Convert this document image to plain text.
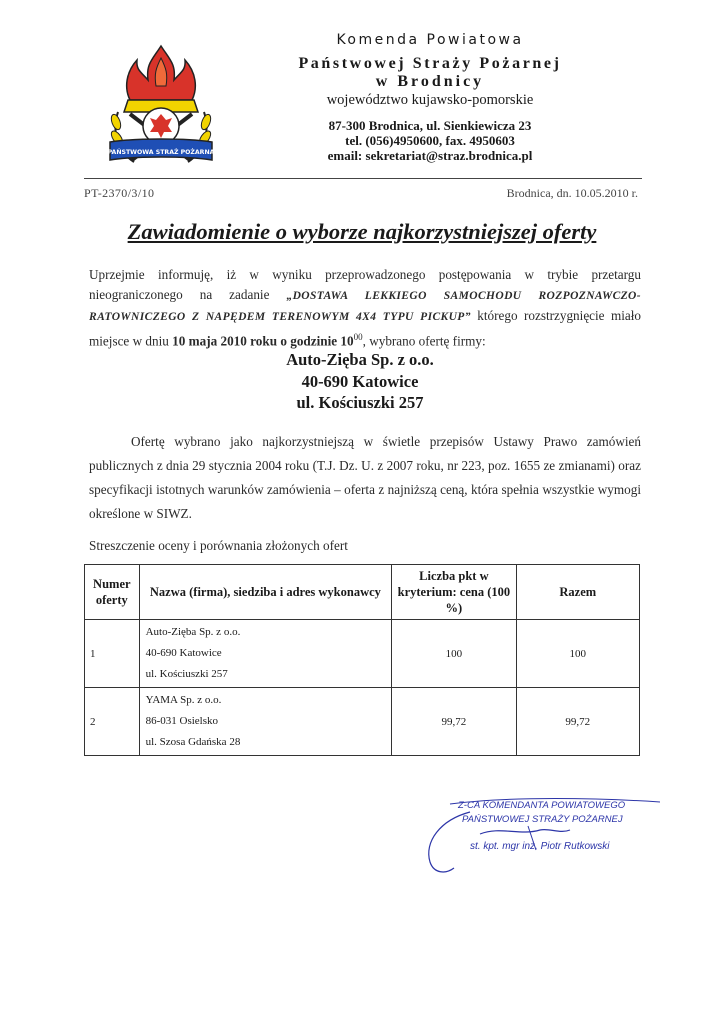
PAŃSTWOWA STRAŻ POŻARNA
Komenda Powiatowa
Państwowej Straży Pożarnej
w Brodnicy
województwo kujawsko-pomorskie
87-300 Brodnica, ul. Sienkiewicza 23
tel. (056)4950600, fax. 4950603
email: sekretariat@straz.brodnica.pl
PT-2370/3/10	Brodnica, dn. 10.05.2010 r.
Zawiadomienie o wyborze najkorzystniejszej oferty
Uprzejmie informuję, iż w wyniku przeprowadzonego postępowania w trybie przetargu nieograniczonego na zadanie „DOSTAWA LEKKIEGO SAMOCHODU ROZPOZNAWCZO-RATOWNICZEGO Z NAPĘDEM TERENOWYM 4X4 TYPU PICKUP” którego rozstrzygnięcie miało miejsce w dniu 10 maja 2010 roku o godzinie $10^{00}$, wybrano ofertę firmy:
Auto-Zięba Sp. z o.o.
40-690 Katowice
ul. Kościuszki 257
Ofertę wybrano jako najkorzystniejszą w świetle przepisów Ustawy Prawo zamówień publicznych z dnia 29 stycznia 2004 roku (T.J. Dz. U. z 2007 roku, nr 223, poz. 1655 ze zmianami) oraz specyfikacji istotnych warunków zamówienia – oferta z najniższą ceną, która spełnia wszystkie wymogi określone w SIWZ.
Streszczenie oceny i porównania złożonych ofert
Numer oferty	Nazwa (firma), siedziba i adres wykonawcy	Liczba pkt w kryterium: cena (100 %)	Razem
1	Auto-Zięba Sp. z o.o.
40-690 Katowice
ul. Kościuszki 257	100	100
2	YAMA Sp. z o.o.
86-031 Osielsko
ul. Szosa Gdańska 28	99,72	99,72
Z-CA KOMENDANTA POWIATOWEGO
PAŃSTWOWEJ STRAŻY POŻARNEJ
st. kpt. mgr inż. Piotr Rutkowski
